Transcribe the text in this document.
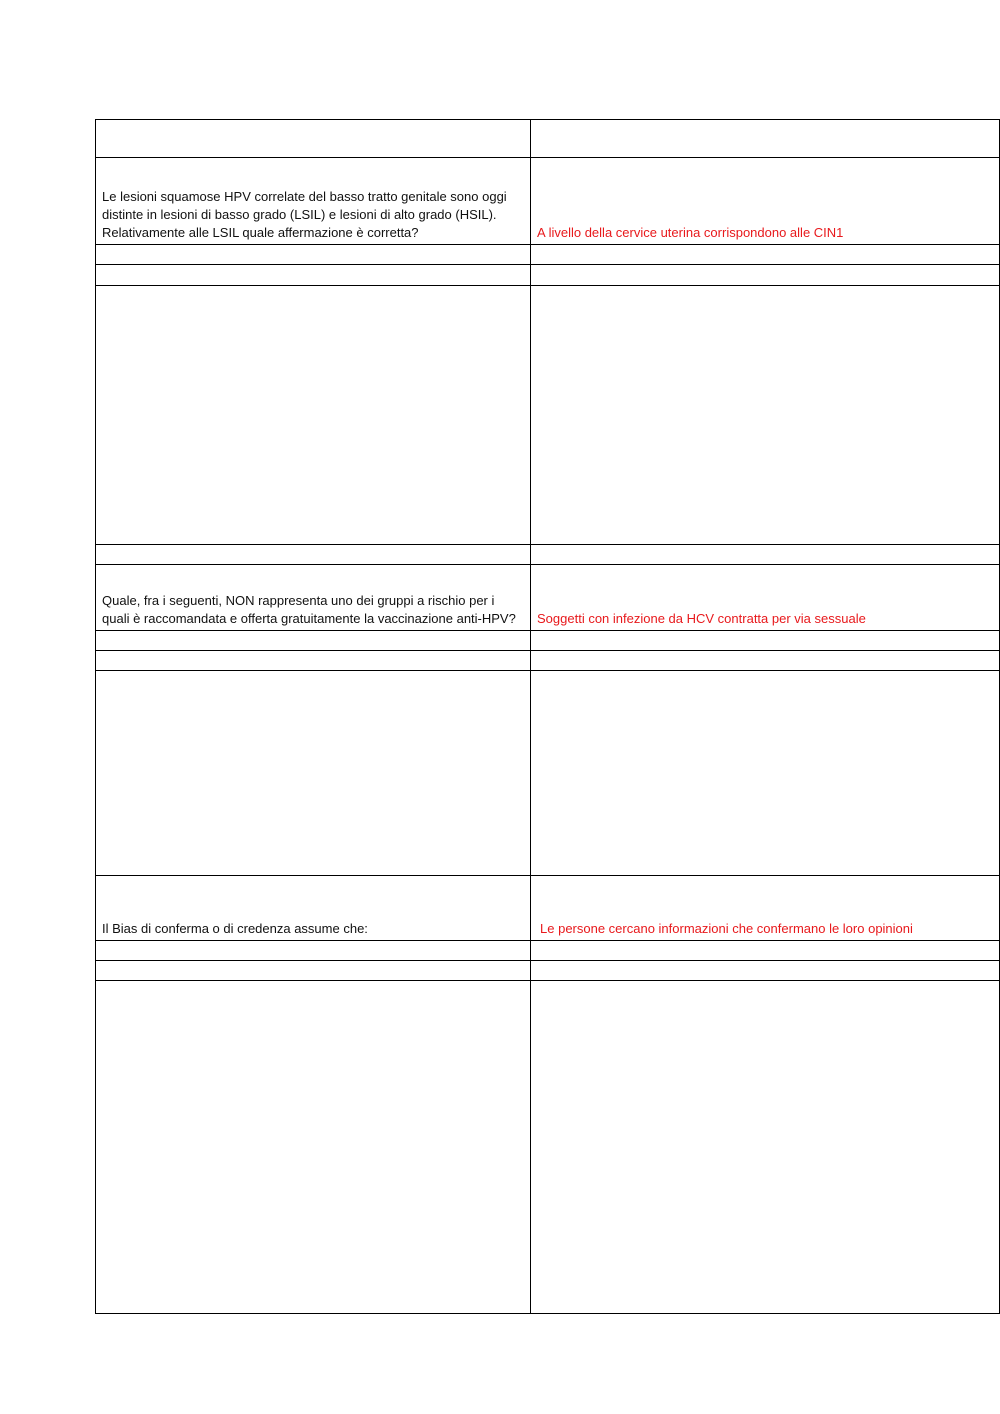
Le lesioni squamose HPV correlate del basso tratto genitale sono oggi distinte in lesioni di basso grado (LSIL) e lesioni di alto grado (HSIL). Relativamente alle LSIL quale affermazione è corretta?	A livello della cervice uterina corrispondono alle CIN1

Quale, fra i seguenti, NON rappresenta uno dei gruppi a rischio per i quali è raccomandata e offerta gratuitamente la vaccinazione anti-HPV?	Soggetti con infezione da HCV contratta per via sessuale

Il Bias di conferma o di credenza assume che:	Le persone cercano informazioni che confermano le loro opinioni
